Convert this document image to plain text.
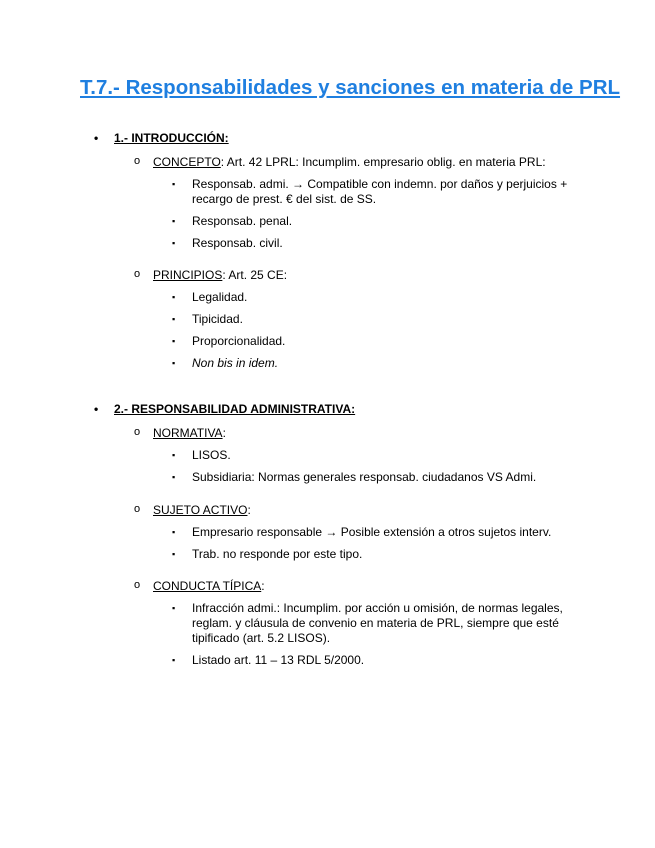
T.7.- Responsabilidades y sanciones en materia de PRL
• 1.- INTRODUCCIÓN:
o CONCEPTO: Art. 42 LPRL: Incumplim. empresario oblig. en materia PRL:
▪ Responsab. admi. → Compatible con indemn. por daños y perjuicios + recargo de prest. € del sist. de SS.
▪ Responsab. penal.
▪ Responsab. civil.
o PRINCIPIOS: Art. 25 CE:
▪ Legalidad.
▪ Tipicidad.
▪ Proporcionalidad.
▪ Non bis in idem.
• 2.- RESPONSABILIDAD ADMINISTRATIVA:
o NORMATIVA:
▪ LISOS.
▪ Subsidiaria: Normas generales responsab. ciudadanos VS Admi.
o SUJETO ACTIVO:
▪ Empresario responsable → Posible extensión a otros sujetos interv.
▪ Trab. no responde por este tipo.
o CONDUCTA TÍPICA:
▪ Infracción admi.: Incumplim. por acción u omisión, de normas legales, reglam. y cláusula de convenio en materia de PRL, siempre que esté tipificado (art. 5.2 LISOS).
▪ Listado art. 11 – 13 RDL 5/2000.
